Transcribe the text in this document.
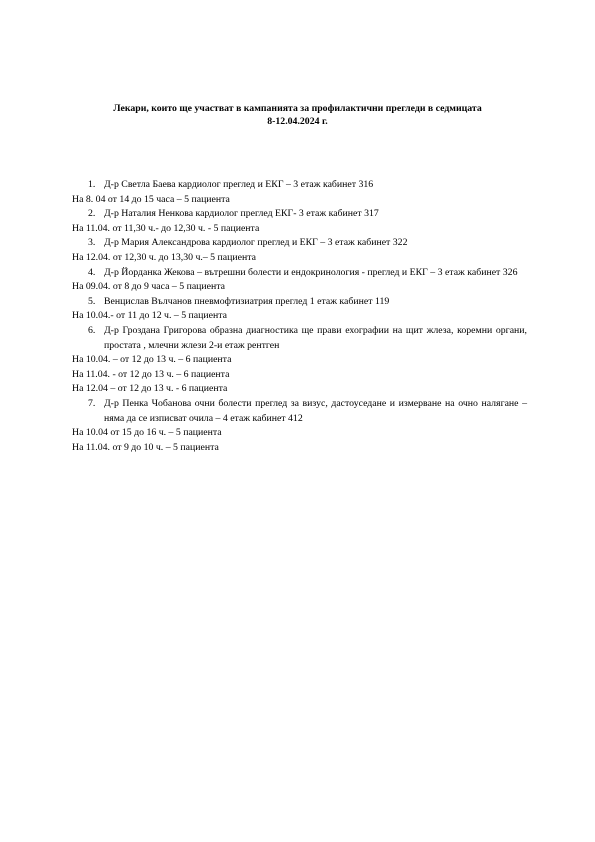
Лекари, които ще участват в кампанията за профилактични прегледи в седмицата
8-12.04.2024 г.
1. Д-р Светла Баева кардиолог преглед и ЕКГ – 3 етаж кабинет 316
На 8. 04 от 14 до 15 часа – 5 пациента
2. Д-р Наталия Ненкова кардиолог преглед ЕКГ- 3 етаж кабинет 317
На 11.04. от 11,30 ч.- до 12,30 ч. - 5 пациента
3. Д-р Мария Александрова кардиолог преглед и ЕКГ – 3 етаж кабинет 322
На 12.04. от 12,30 ч. до 13,30 ч.– 5 пациента
4. Д-р Йорданка Жекова – вътрешни болести и ендокринология - преглед и ЕКГ – 3 етаж кабинет 326
На 09.04. от 8 до 9 часа – 5 пациента
5. Венцислав Вълчанов пневмофтизиатрия преглед 1 етаж кабинет 119
На 10.04.- от 11 до 12 ч. – 5 пациента
6. Д-р Гроздана Григорова образна диагностика ще прави ехографии на щит жлеза, коремни органи, простата , млечни жлези 2-и етаж рентген
На 10.04. – от 12 до 13 ч. – 6 пациента
На 11.04. - от 12 до 13 ч. – 6 пациента
На 12.04 – от 12 до 13 ч. - 6 пациента
7. Д-р Пенка Чобанова очни болести преглед за визус, дастоуседане и измерване на очно налягане – няма да се изписват очила – 4 етаж кабинет 412
На 10.04 от 15 до 16 ч. – 5 пациента
На 11.04. от 9 до 10 ч. – 5 пациента
